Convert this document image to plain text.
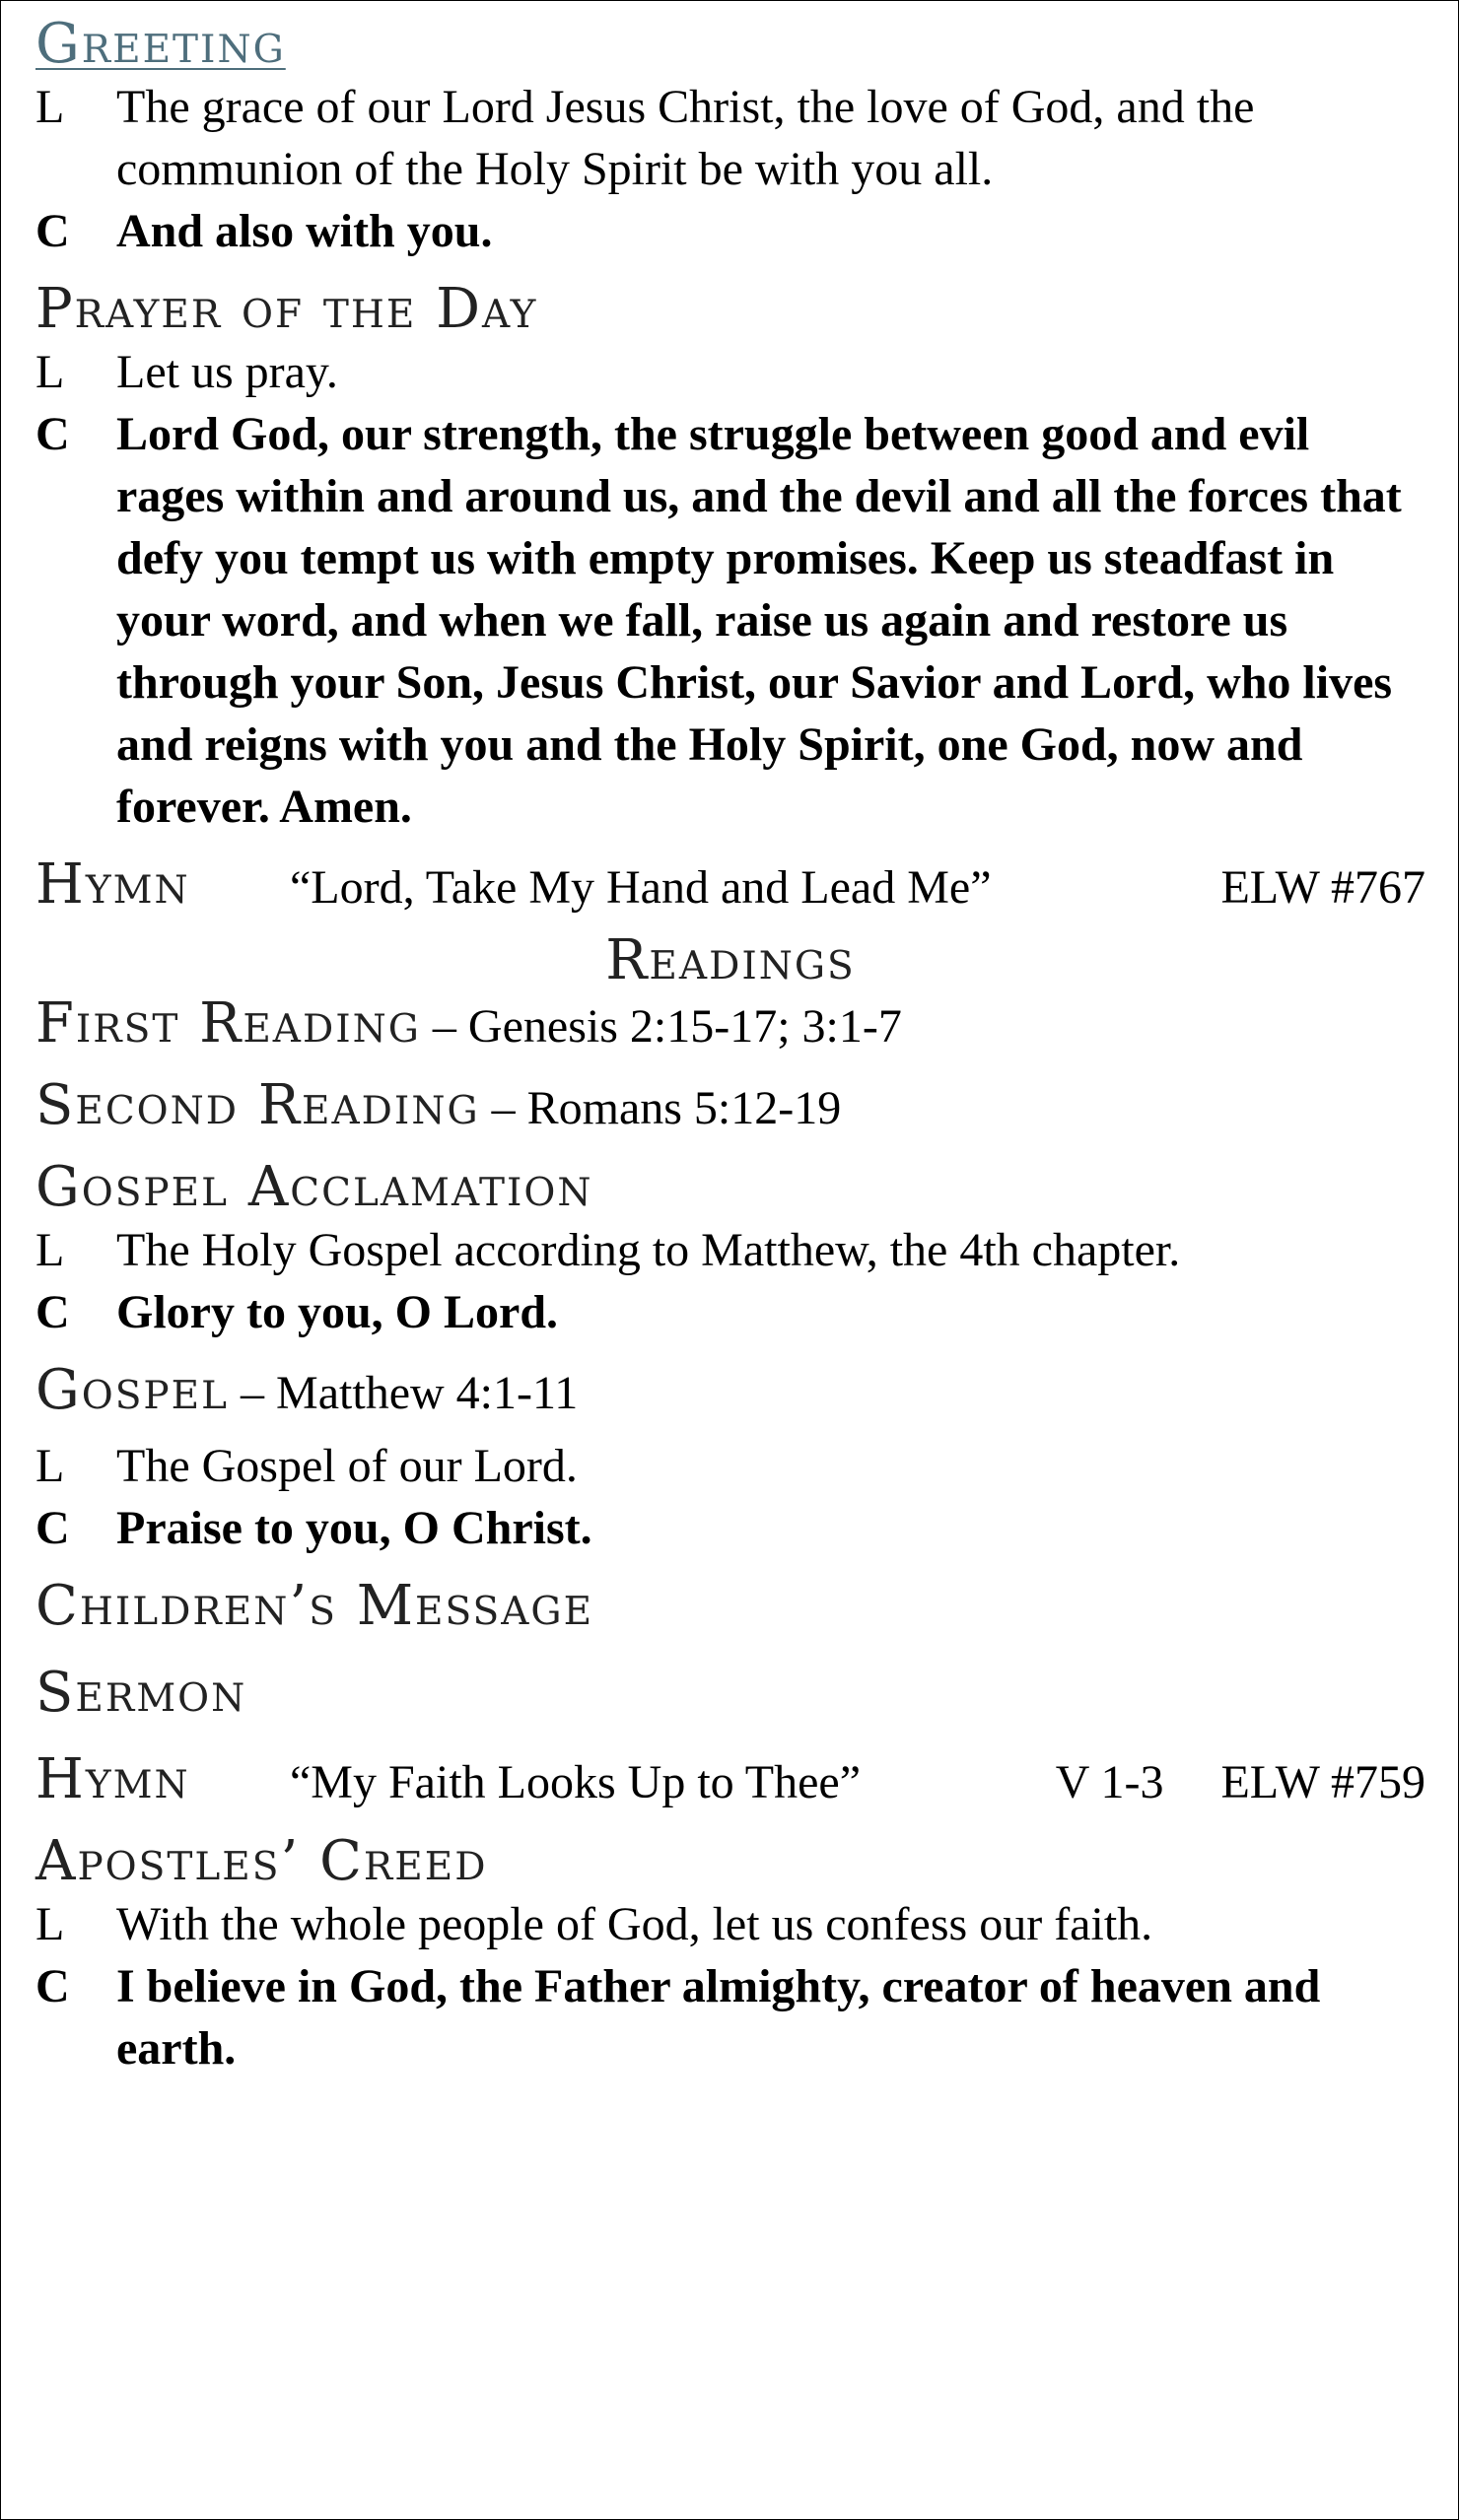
Greeting
L	The grace of our Lord Jesus Christ, the love of God, and the communion of the Holy Spirit be with you all.
C And also with you.
Prayer of the Day
L	Let us pray.
C Lord God, our strength, the struggle between good and evil rages within and around us, and the devil and all the forces that defy you tempt us with empty promises. Keep us steadfast in your word, and when we fall, raise us again and restore us through your Son, Jesus Christ, our Savior and Lord, who lives and reigns with you and the Holy Spirit, one God, now and forever. Amen.
Hymn	“Lord, Take My Hand and Lead Me”	ELW #767
Readings
First Reading – Genesis 2:15-17; 3:1-7
Second Reading – Romans 5:12-19
Gospel Acclamation
L	The Holy Gospel according to Matthew, the 4th chapter.
C Glory to you, O Lord.
Gospel – Matthew 4:1-11
L	The Gospel of our Lord.
C Praise to you, O Christ.
Children’s Message
Sermon
Hymn	“My Faith Looks Up to Thee”	V 1-3 ELW #759
Apostles’ Creed
L	With the whole people of God, let us confess our faith.
C I believe in God, the Father almighty, creator of heaven and earth.
